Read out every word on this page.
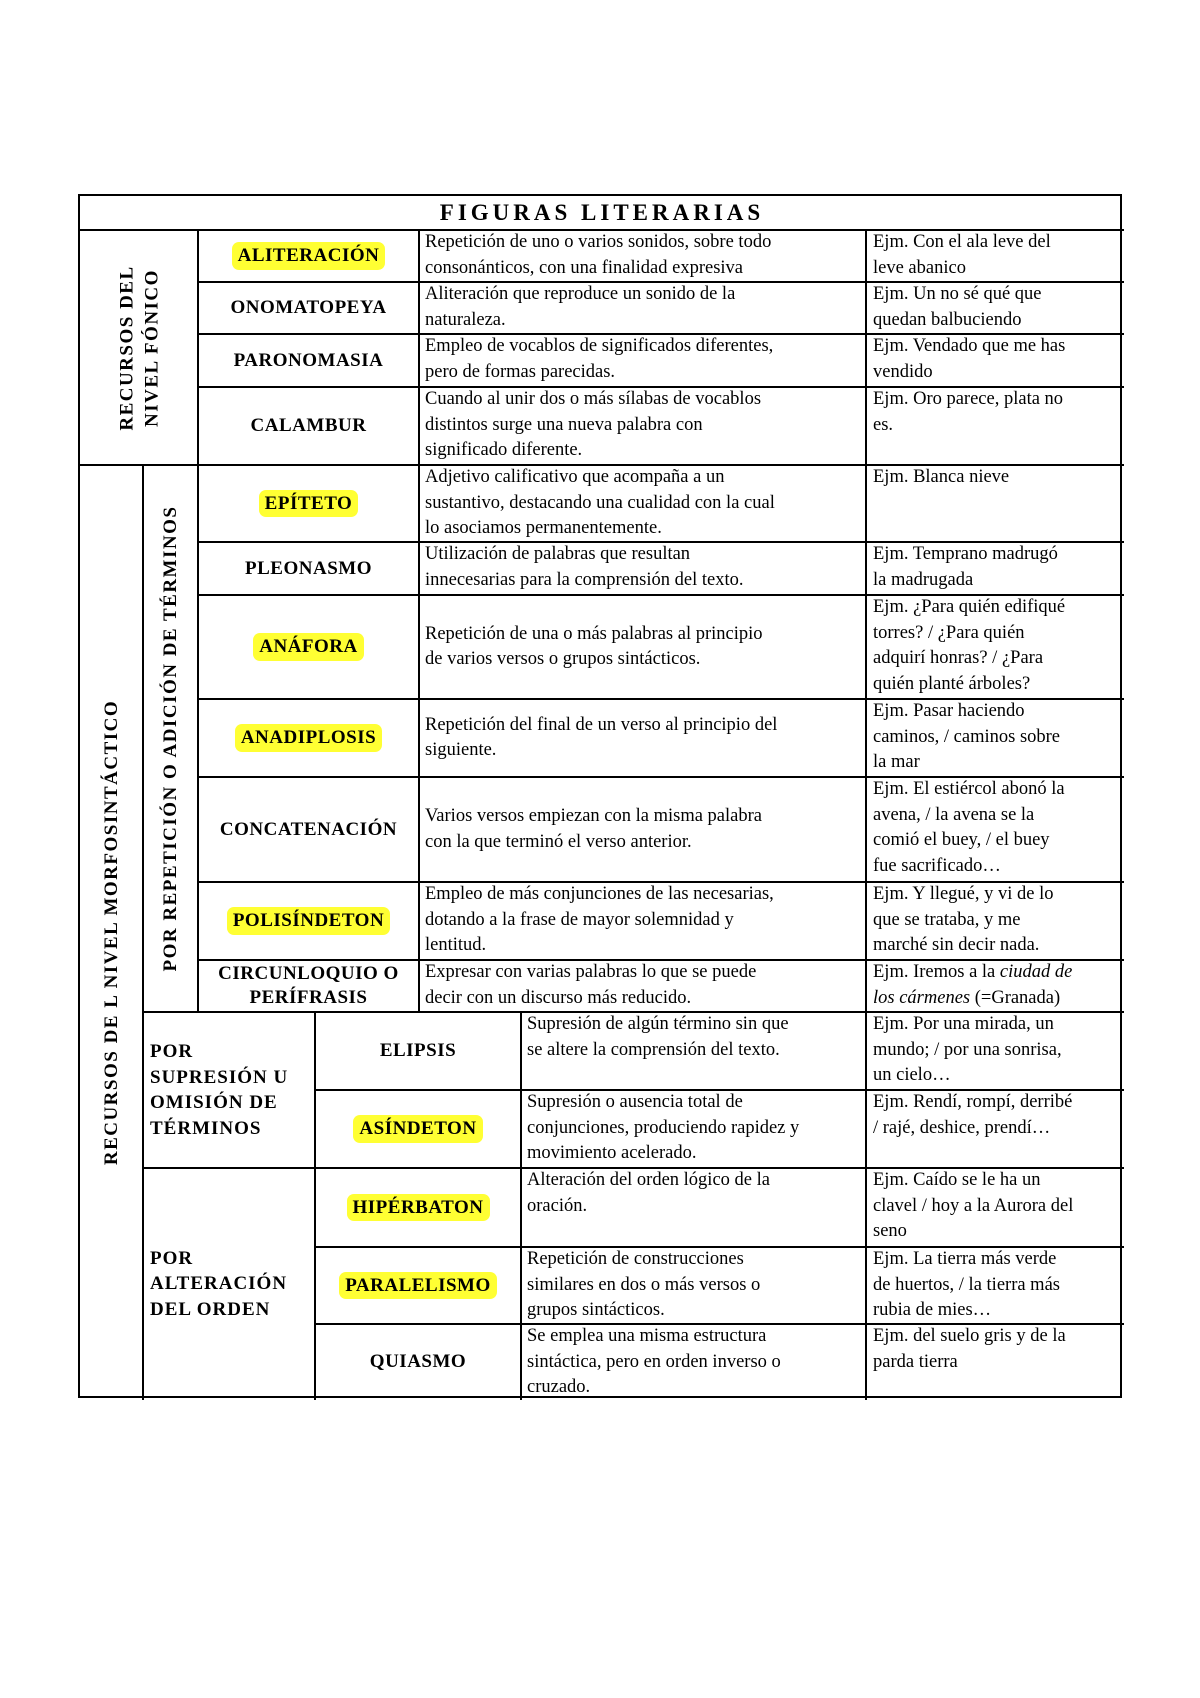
FIGURAS LITERARIAS
ALITERACIÓN
Repetición de uno o varios sonidos, sobre todo
consonánticos, con una finalidad expresiva
Ejm. Con el ala leve del
leve abanico
ONOMATOPEYA
Aliteración que reproduce un sonido de la
naturaleza.
Ejm. Un no sé qué que
quedan balbuciendo
PARONOMASIA
Empleo de vocablos de significados diferentes,
pero de formas parecidas.
Ejm. Vendado que me has
vendido
CALAMBUR
Cuando al unir dos o más sílabas de vocablos
distintos surge una nueva palabra con
significado diferente.
Ejm. Oro parece, plata no
es.
EPÍTETO
Adjetivo calificativo que acompaña a un
sustantivo, destacando una cualidad con la cual
lo asociamos permanentemente.
Ejm. Blanca nieve
PLEONASMO
Utilización de palabras que resultan
innecesarias para la comprensión del texto.
Ejm. Temprano madrugó
la madrugada
ANÁFORA
Repetición de una o más palabras al principio
de varios versos o grupos sintácticos.
Ejm. ¿Para quién edifiqué
torres? / ¿Para quién
adquirí honras? / ¿Para
quién planté árboles?
ANADIPLOSIS
Repetición del final de un verso al principio del
siguiente.
Ejm. Pasar haciendo
caminos, / caminos sobre
la mar
CONCATENACIÓN
Varios versos empiezan con la misma palabra
con la que terminó el verso anterior.
Ejm. El estiércol abonó la
avena, / la avena se la
comió el buey, / el buey
fue sacrificado…
POLISÍNDETON
Empleo de más conjunciones de las necesarias,
dotando a la frase de mayor solemnidad y
lentitud.
Ejm. Y llegué, y vi de lo
que se trataba, y me
marché sin decir nada.
CIRCUNLOQUIO O PERÍFRASIS
Expresar con varias palabras lo que se puede
decir con un discurso más reducido.
Ejm. Iremos a la ciudad de
los cármenes (=Granada)
ELIPSIS
Supresión de algún término sin que
se altere la comprensión del texto.
Ejm. Por una mirada, un
mundo; / por una sonrisa,
un cielo…
ASÍNDETON
Supresión o ausencia total de
conjunciones, produciendo rapidez y
movimiento acelerado.
Ejm. Rendí, rompí, derribé
/ rajé, deshice, prendí…
HIPÉRBATON
Alteración del orden lógico de la
oración.
Ejm. Caído se le ha un
clavel / hoy a la Aurora del
seno
PARALELISMO
Repetición de construcciones
similares en dos o más versos o
grupos sintácticos.
Ejm. La tierra más verde
de huertos, / la tierra más
rubia de mies…
QUIASMO
Se emplea una misma estructura
sintáctica, pero en orden inverso o
cruzado.
Ejm. del suelo gris y de la
parda tierra
RECURSOS DEL NIVEL FÓNICO
RECURSOS DE L NIVEL MORFOSINTÁCTICO	POR REPETICIÓN O ADICIÓN DE TÉRMINOS
POR
SUPRESIÓN U
OMISIÓN DE
TÉRMINOS
POR
ALTERACIÓN
DEL ORDEN
